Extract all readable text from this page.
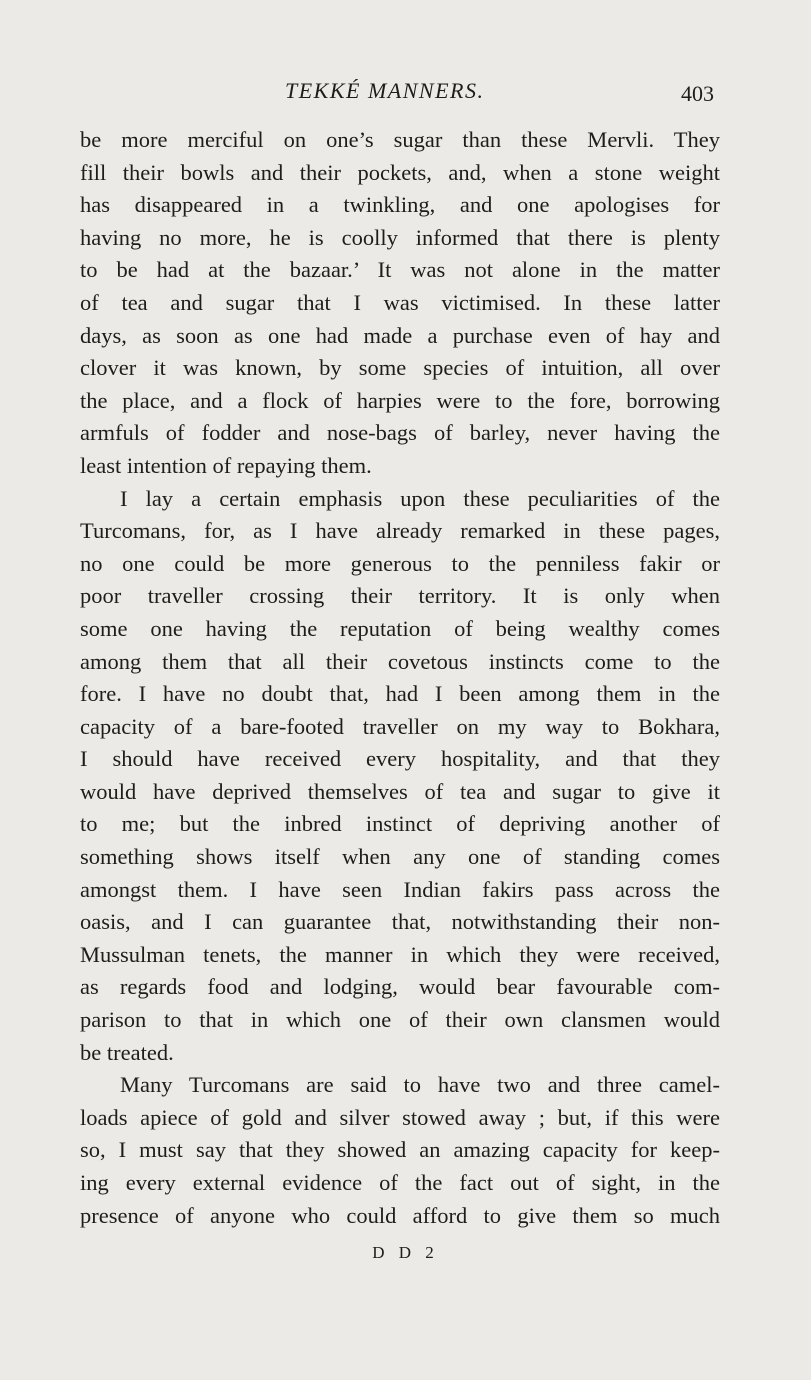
TEKKÉ MANNERS.	403
be more merciful on one’s sugar than these Mervli. They
fill their bowls and their pockets, and, when a stone weight
has disappeared in a twinkling, and one apologises for
having no more, he is coolly informed that there is plenty
to be had at the bazaar.’ It was not alone in the matter
of tea and sugar that I was victimised. In these latter
days, as soon as one had made a purchase even of hay and
clover it was known, by some species of intuition, all over
the place, and a flock of harpies were to the fore, borrowing
armfuls of fodder and nose-bags of barley, never having the
least intention of repaying them.
I lay a certain emphasis upon these peculiarities of the
Turcomans, for, as I have already remarked in these pages,
no one could be more generous to the penniless fakir or
poor traveller crossing their territory. It is only when
some one having the reputation of being wealthy comes
among them that all their covetous instincts come to the
fore. I have no doubt that, had I been among them in the
capacity of a bare-footed traveller on my way to Bokhara,
I should have received every hospitality, and that they
would have deprived themselves of tea and sugar to give it
to me; but the inbred instinct of depriving another of
something shows itself when any one of standing comes
amongst them. I have seen Indian fakirs pass across the
oasis, and I can guarantee that, notwithstanding their non-
Mussulman tenets, the manner in which they were received,
as regards food and lodging, would bear favourable com-
parison to that in which one of their own clansmen would
be treated.
Many Turcomans are said to have two and three camel-
loads apiece of gold and silver stowed away ; but, if this were
so, I must say that they showed an amazing capacity for keep-
ing every external evidence of the fact out of sight, in the
presence of anyone who could afford to give them so much
D D 2
